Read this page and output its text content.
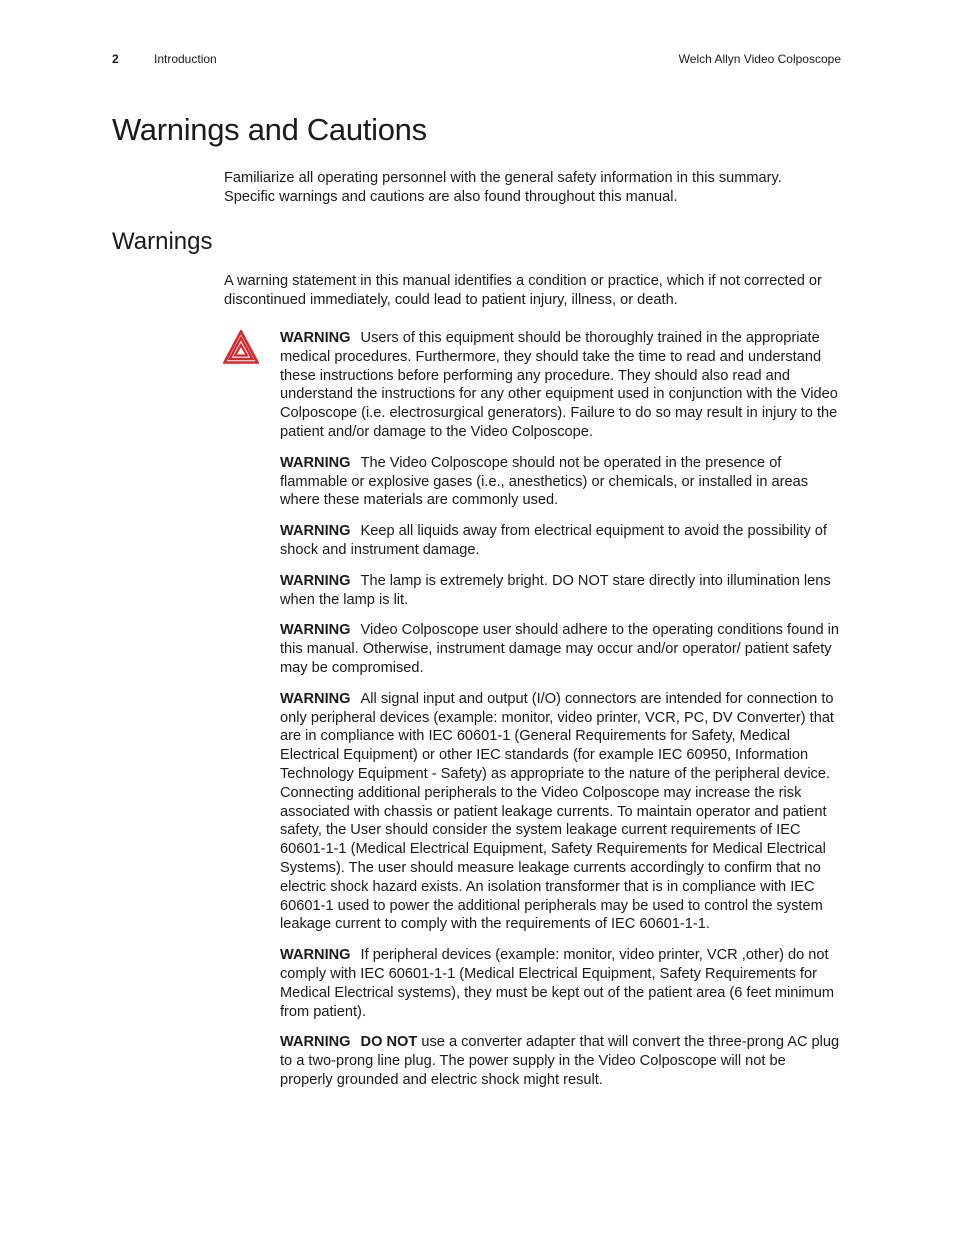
2	Introduction	Welch Allyn Video Colposcope
Warnings and Cautions

Familiarize all operating personnel with the general safety information in this summary. Specific warnings and cautions are also found throughout this manual.

Warnings

A warning statement in this manual identifies a condition or practice, which if not corrected or discontinued immediately, could lead to patient injury, illness, or death.

WARNING Users of this equipment should be thoroughly trained in the appropriate medical procedures. Furthermore, they should take the time to read and understand these instructions before performing any procedure. They should also read and understand the instructions for any other equipment used in conjunction with the Video Colposcope (i.e. electrosurgical generators). Failure to do so may result in injury to the patient and/or damage to the Video Colposcope.

WARNING The Video Colposcope should not be operated in the presence of flammable or explosive gases (i.e., anesthetics) or chemicals, or installed in areas where these materials are commonly used.

WARNING Keep all liquids away from electrical equipment to avoid the possibility of shock and instrument damage.

WARNING The lamp is extremely bright. DO NOT stare directly into illumination lens when the lamp is lit.

WARNING Video Colposcope user should adhere to the operating conditions found in this manual. Otherwise, instrument damage may occur and/or operator/ patient safety may be compromised.

WARNING All signal input and output (I/O) connectors are intended for connection to only peripheral devices (example: monitor, video printer, VCR, PC, DV Converter) that are in compliance with IEC 60601-1 (General Requirements for Safety, Medical Electrical Equipment) or other IEC standards (for example IEC 60950, Information Technology Equipment - Safety) as appropriate to the nature of the peripheral device. Connecting additional peripherals to the Video Colposcope may increase the risk associated with chassis or patient leakage currents. To maintain operator and patient safety, the User should consider the system leakage current requirements of IEC 60601-1-1 (Medical Electrical Equipment, Safety Requirements for Medical Electrical Systems). The user should measure leakage currents accordingly to confirm that no electric shock hazard exists. An isolation transformer that is in compliance with IEC 60601-1 used to power the additional peripherals may be used to control the system leakage current to comply with the requirements of IEC 60601-1-1.

WARNING If peripheral devices (example: monitor, video printer, VCR ,other) do not comply with IEC 60601-1-1 (Medical Electrical Equipment, Safety Requirements for Medical Electrical systems), they must be kept out of the patient area (6 feet minimum from patient).

WARNING DO NOT use a converter adapter that will convert the three-prong AC plug to a two-prong line plug. The power supply in the Video Colposcope will not be properly grounded and electric shock might result.
